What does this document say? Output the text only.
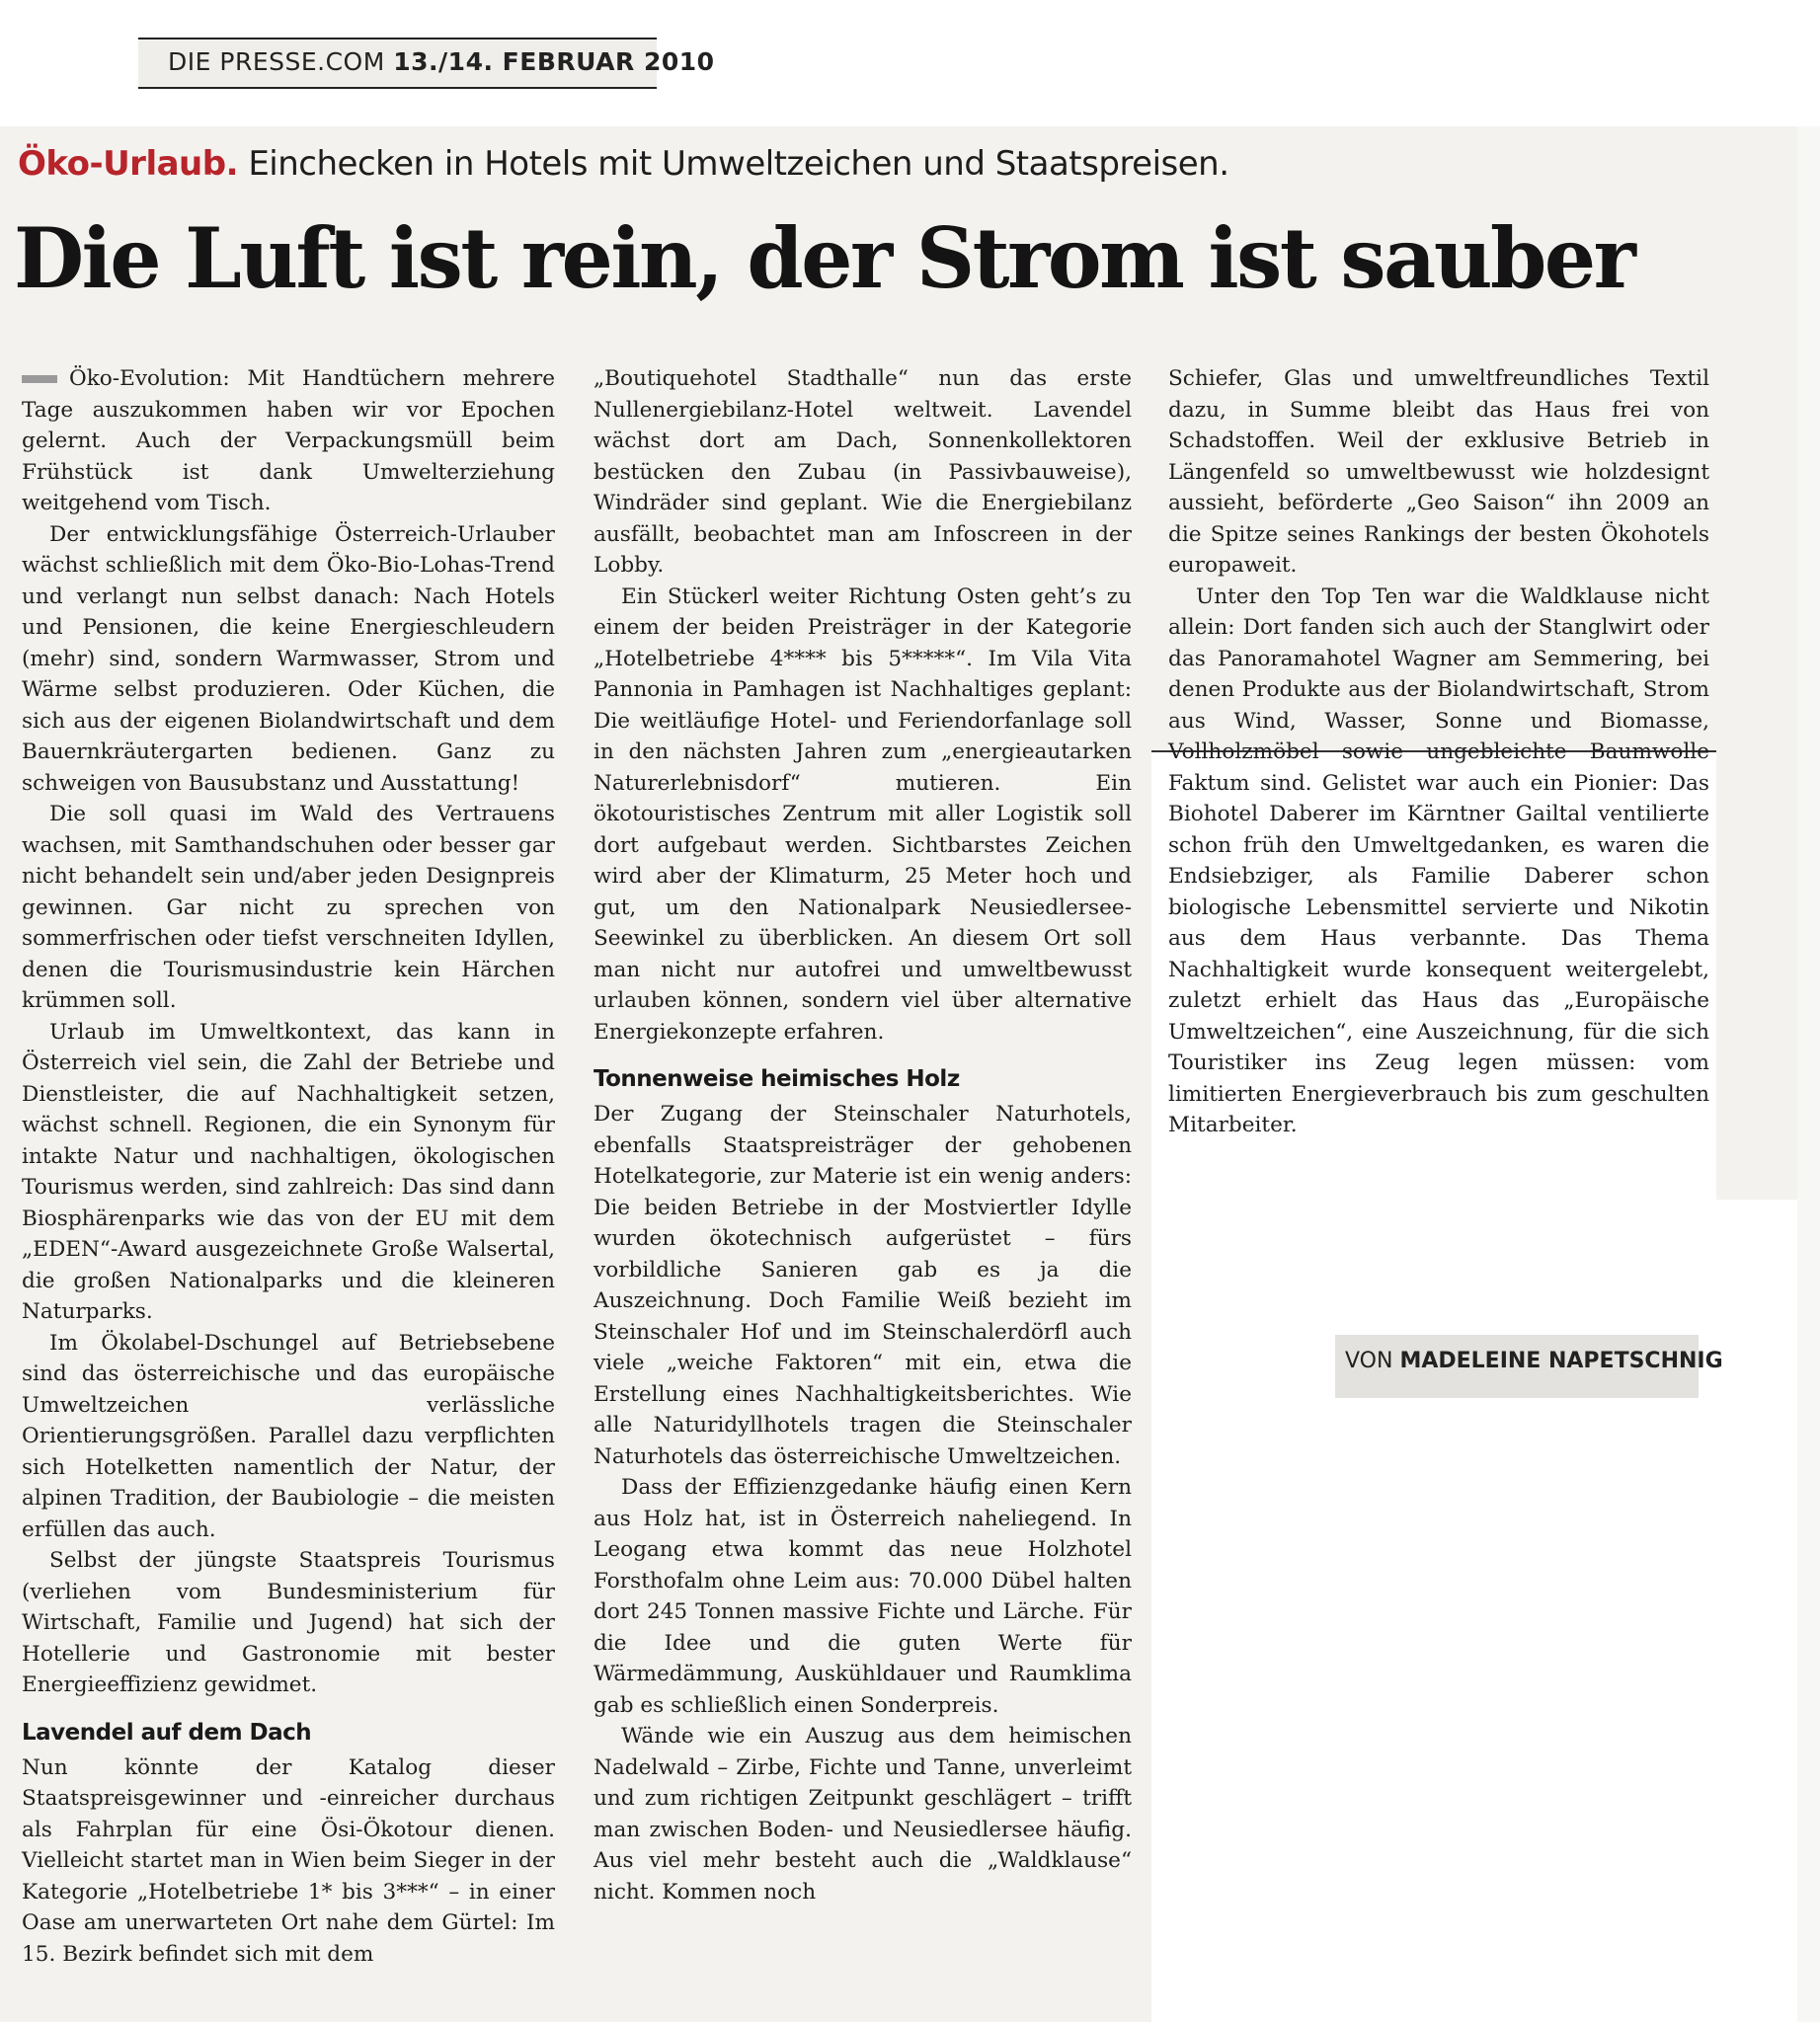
DIE PRESSE.COM 13./14. FEBRUAR 2010
Öko-Urlaub. Einchecken in Hotels mit Umweltzeichen und Staatspreisen.
Die Luft ist rein, der Strom ist sauber

Öko-Evolution: Mit Handtüchern mehrere Tage auszukommen haben wir vor Epochen gelernt. Auch der Verpackungsmüll beim Frühstück ist dank Umwelterziehung weitgehend vom Tisch.

Der entwicklungsfähige Österreich-Urlauber wächst schließlich mit dem Öko-Bio-Lohas-Trend und verlangt nun selbst danach: Nach Hotels und Pensionen, die keine Energieschleudern (mehr) sind, sondern Warmwasser, Strom und Wärme selbst produzieren. Oder Küchen, die sich aus der eigenen Biolandwirtschaft und dem Bauernkräutergarten bedienen. Ganz zu schweigen von Bausubstanz und Ausstattung!

Die soll quasi im Wald des Vertrauens wachsen, mit Samthandschuhen oder besser gar nicht behandelt sein und/aber jeden Designpreis gewinnen. Gar nicht zu sprechen von sommerfrischen oder tiefst verschneiten Idyllen, denen die Tourismusindustrie kein Härchen krümmen soll.

Urlaub im Umweltkontext, das kann in Österreich viel sein, die Zahl der Betriebe und Dienstleister, die auf Nachhaltigkeit setzen, wächst schnell. Regionen, die ein Synonym für intakte Natur und nachhaltigen, ökologischen Tourismus werden, sind zahlreich: Das sind dann Biosphärenparks wie das von der EU mit dem „EDEN“-Award ausgezeichnete Große Walsertal, die großen Nationalparks und die kleineren Naturparks.

Im Ökolabel-Dschungel auf Betriebsebene sind das österreichische und das europäische Umweltzeichen verlässliche Orientierungsgrößen. Parallel dazu verpflichten sich Hotelketten namentlich der Natur, der alpinen Tradition, der Baubiologie – die meisten erfüllen das auch.

Selbst der jüngste Staatspreis Tourismus (verliehen vom Bundesministerium für Wirtschaft, Familie und Jugend) hat sich der Hotellerie und Gastronomie mit bester Energieeffizienz gewidmet.

Lavendel auf dem Dach

Nun könnte der Katalog dieser Staatspreisgewinner und -einreicher durchaus als Fahrplan für eine Ösi-Ökotour dienen. Vielleicht startet man in Wien beim Sieger in der Kategorie „Hotelbetriebe 1* bis 3***“ – in einer Oase am unerwarteten Ort nahe dem Gürtel: Im 15. Bezirk befindet sich mit dem

„Boutiquehotel Stadthalle“ nun das erste Nullenergiebilanz-Hotel weltweit. Lavendel wächst dort am Dach, Sonnenkollektoren bestücken den Zubau (in Passivbauweise), Windräder sind geplant. Wie die Energiebilanz ausfällt, beobachtet man am Infoscreen in der Lobby.

Ein Stückerl weiter Richtung Osten geht’s zu einem der beiden Preisträger in der Kategorie „Hotelbetriebe 4**** bis 5*****“. Im Vila Vita Pannonia in Pamhagen ist Nachhaltiges geplant: Die weitläufige Hotel- und Feriendorfanlage soll in den nächsten Jahren zum „energieautarken Naturerlebnisdorf“ mutieren. Ein ökotouristisches Zentrum mit aller Logistik soll dort aufgebaut werden. Sichtbarstes Zeichen wird aber der Klimaturm, 25 Meter hoch und gut, um den Nationalpark Neusiedlersee-Seewinkel zu überblicken. An diesem Ort soll man nicht nur autofrei und umweltbewusst urlauben können, sondern viel über alternative Energiekonzepte erfahren.

Tonnenweise heimisches Holz

Der Zugang der Steinschaler Naturhotels, ebenfalls Staatspreisträger der gehobenen Hotelkategorie, zur Materie ist ein wenig anders: Die beiden Betriebe in der Mostviertler Idylle wurden ökotechnisch aufgerüstet – fürs vorbildliche Sanieren gab es ja die Auszeichnung. Doch Familie Weiß bezieht im Steinschaler Hof und im Steinschalerdörfl auch viele „weiche Faktoren“ mit ein, etwa die Erstellung eines Nachhaltigkeitsberichtes. Wie alle Naturidyllhotels tragen die Steinschaler Naturhotels das österreichische Umweltzeichen.

Dass der Effizienzgedanke häufig einen Kern aus Holz hat, ist in Österreich naheliegend. In Leogang etwa kommt das neue Holzhotel Forsthofalm ohne Leim aus: 70.000 Dübel halten dort 245 Tonnen massive Fichte und Lärche. Für die Idee und die guten Werte für Wärmedämmung, Auskühldauer und Raumklima gab es schließlich einen Sonderpreis.

Wände wie ein Auszug aus dem heimischen Nadelwald – Zirbe, Fichte und Tanne, unverleimt und zum richtigen Zeitpunkt geschlägert – trifft man zwischen Boden- und Neusiedlersee häufig. Aus viel mehr besteht auch die „Waldklause“ nicht. Kommen noch

Schiefer, Glas und umweltfreundliches Textil dazu, in Summe bleibt das Haus frei von Schadstoffen. Weil der exklusive Betrieb in Längenfeld so umweltbewusst wie holzdesignt aussieht, beförderte „Geo Saison“ ihn 2009 an die Spitze seines Rankings der besten Ökohotels europaweit.

Unter den Top Ten war die Waldklause nicht allein: Dort fanden sich auch der Stanglwirt oder das Panoramahotel Wagner am Semmering, bei denen Produkte aus der Biolandwirtschaft, Strom aus Wind, Wasser, Sonne und Biomasse, Vollholzmöbel sowie ungebleichte Baumwolle Faktum sind. Gelistet war auch ein Pionier: Das Biohotel Daberer im Kärntner Gailtal ventilierte schon früh den Umweltgedanken, es waren die Endsiebziger, als Familie Daberer schon biologische Lebensmittel servierte und Nikotin aus dem Haus verbannte. Das Thema Nachhaltigkeit wurde konsequent weitergelebt, zuletzt erhielt das Haus das „Europäische Umweltzeichen“, eine Auszeichnung, für die sich Touristiker ins Zeug legen müssen: vom limitierten Energieverbrauch bis zum geschulten Mitarbeiter.

VON MADELEINE NAPETSCHNIG
